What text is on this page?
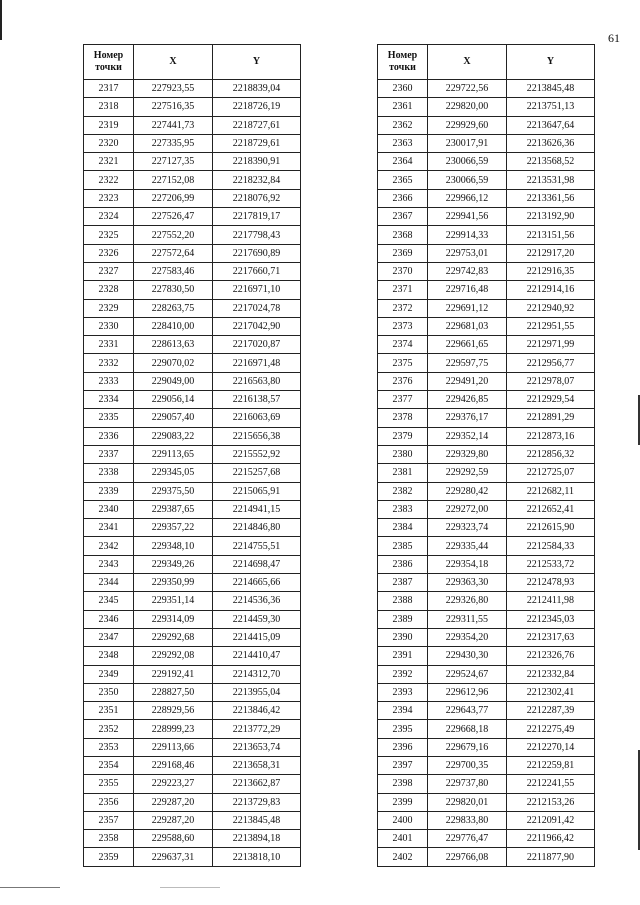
61
Номер
точки	X	Y
2317	227923,55	2218839,04
2318	227516,35	2218726,19
2319	227441,73	2218727,61
2320	227335,95	2218729,61
2321	227127,35	2218390,91
2322	227152,08	2218232,84
2323	227206,99	2218076,92
2324	227526,47	2217819,17
2325	227552,20	2217798,43
2326	227572,64	2217690,89
2327	227583,46	2217660,71
2328	227830,50	2216971,10
2329	228263,75	2217024,78
2330	228410,00	2217042,90
2331	228613,63	2217020,87
2332	229070,02	2216971,48
2333	229049,00	2216563,80
2334	229056,14	2216138,57
2335	229057,40	2216063,69
2336	229083,22	2215656,38
2337	229113,65	2215552,92
2338	229345,05	2215257,68
2339	229375,50	2215065,91
2340	229387,65	2214941,15
2341	229357,22	2214846,80
2342	229348,10	2214755,51
2343	229349,26	2214698,47
2344	229350,99	2214665,66
2345	229351,14	2214536,36
2346	229314,09	2214459,30
2347	229292,68	2214415,09
2348	229292,08	2214410,47
2349	229192,41	2214312,70
2350	228827,50	2213955,04
2351	228929,56	2213846,42
2352	228999,23	2213772,29
2353	229113,66	2213653,74
2354	229168,46	2213658,31
2355	229223,27	2213662,87
2356	229287,20	2213729,83
2357	229287,20	2213845,48
2358	229588,60	2213894,18
2359	229637,31	2213818,10
Номер
точки	X	Y
2360	229722,56	2213845,48
2361	229820,00	2213751,13
2362	229929,60	2213647,64
2363	230017,91	2213626,36
2364	230066,59	2213568,52
2365	230066,59	2213531,98
2366	229966,12	2213361,56
2367	229941,56	2213192,90
2368	229914,33	2213151,56
2369	229753,01	2212917,20
2370	229742,83	2212916,35
2371	229716,48	2212914,16
2372	229691,12	2212940,92
2373	229681,03	2212951,55
2374	229661,65	2212971,99
2375	229597,75	2212956,77
2376	229491,20	2212978,07
2377	229426,85	2212929,54
2378	229376,17	2212891,29
2379	229352,14	2212873,16
2380	229329,80	2212856,32
2381	229292,59	2212725,07
2382	229280,42	2212682,11
2383	229272,00	2212652,41
2384	229323,74	2212615,90
2385	229335,44	2212584,33
2386	229354,18	2212533,72
2387	229363,30	2212478,93
2388	229326,80	2212411,98
2389	229311,55	2212345,03
2390	229354,20	2212317,63
2391	229430,30	2212326,76
2392	229524,67	2212332,84
2393	229612,96	2212302,41
2394	229643,77	2212287,39
2395	229668,18	2212275,49
2396	229679,16	2212270,14
2397	229700,35	2212259,81
2398	229737,80	2212241,55
2399	229820,01	2212153,26
2400	229833,80	2212091,42
2401	229776,47	2211966,42
2402	229766,08	2211877,90
